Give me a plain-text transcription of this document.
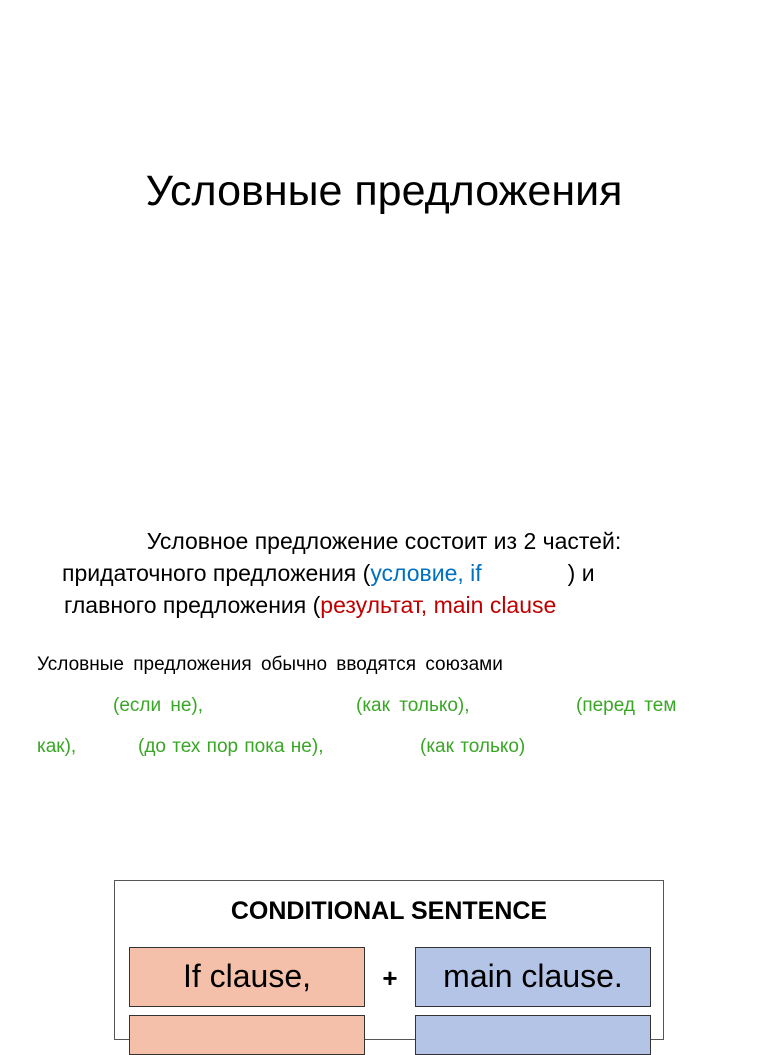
Условные предложения
Условное предложение состоит из 2 частей:
придаточного предложения (условие, if	) и
главного предложения (результат, main clause
Условные предложения обычно вводятся союзами
(если не),	(как только),	(перед тем
как),	(до тех пор пока не),	(как только)
CONDITIONAL SENTENCE
If clause,	+	main clause.
